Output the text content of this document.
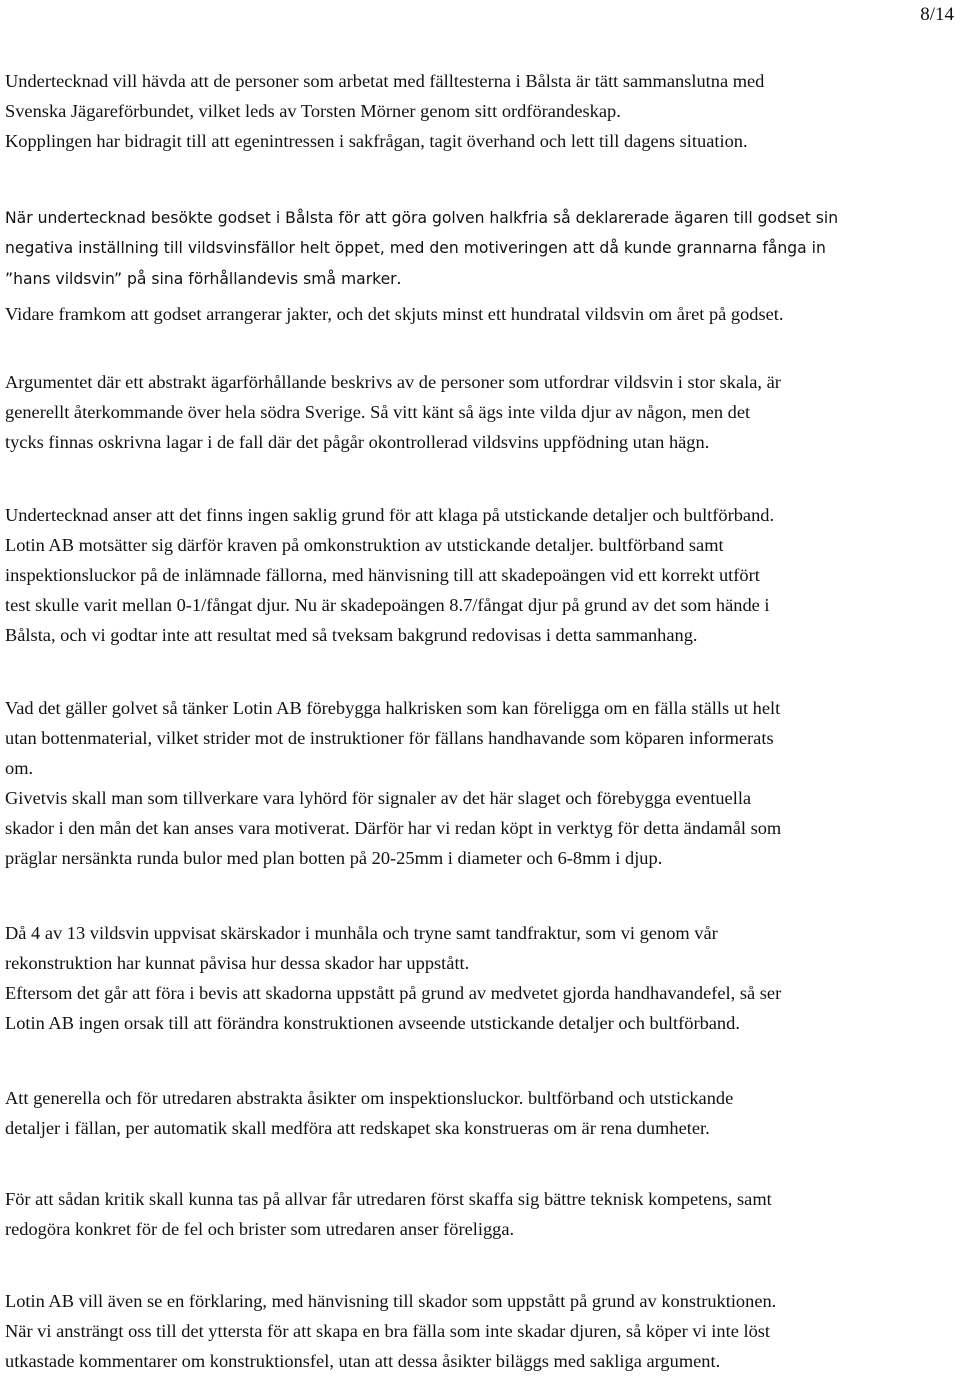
8/14
Undertecknad vill hävda att de personer som arbetat med fälltesterna i Bålsta är tätt sammanslutna med
Svenska Jägareförbundet, vilket leds av Torsten Mörner genom sitt ordförandeskap.
Kopplingen har bidragit till att egenintressen i sakfrågan, tagit överhand och lett till dagens situation.
När undertecknad besökte godset i Bålsta för att göra golven halkfria så deklarerade ägaren till godset sin
negativa inställning till vildsvinsfällor helt öppet, med den motiveringen att då kunde grannarna fånga in
”hans vildsvin” på sina förhållandevis små marker.
Vidare framkom att godset arrangerar jakter, och det skjuts minst ett hundratal vildsvin om året på godset.
Argumentet där ett abstrakt ägarförhållande beskrivs av de personer som utfordrar vildsvin i stor skala, är
generellt återkommande över hela södra Sverige. Så vitt känt så ägs inte vilda djur av någon, men det
tycks finnas oskrivna lagar i de fall där det pågår okontrollerad vildsvins uppfödning utan hägn.
Undertecknad anser att det finns ingen saklig grund för att klaga på utstickande detaljer och bultförband.
Lotin AB motsätter sig därför kraven på omkonstruktion av utstickande detaljer. bultförband samt
inspektionsluckor på de inlämnade fällorna, med hänvisning till att skadepoängen vid ett korrekt utfört
test skulle varit mellan 0-1/fångat djur. Nu är skadepoängen 8.7/fångat djur på grund av det som hände i
Bålsta, och vi godtar inte att resultat med så tveksam bakgrund redovisas i detta sammanhang.
Vad det gäller golvet så tänker Lotin AB förebygga halkrisken som kan föreligga om en fälla ställs ut helt
utan bottenmaterial, vilket strider mot de instruktioner för fällans handhavande som köparen informerats
om.
Givetvis skall man som tillverkare vara lyhörd för signaler av det här slaget och förebygga eventuella
skador i den mån det kan anses vara motiverat. Därför har vi redan köpt in verktyg för detta ändamål som
präglar nersänkta runda bulor med plan botten på 20-25mm i diameter och 6-8mm i djup.
Då 4 av 13 vildsvin uppvisat skärskador i munhåla och tryne samt tandfraktur, som vi genom vår
rekonstruktion har kunnat påvisa hur dessa skador har uppstått.
Eftersom det går att föra i bevis att skadorna uppstått på grund av medvetet gjorda handhavandefel, så ser
Lotin AB ingen orsak till att förändra konstruktionen avseende utstickande detaljer och bultförband.
Att generella och för utredaren abstrakta åsikter om inspektionsluckor. bultförband och utstickande
detaljer i fällan, per automatik skall medföra att redskapet ska konstrueras om är rena dumheter.
För att sådan kritik skall kunna tas på allvar får utredaren först skaffa sig bättre teknisk kompetens, samt
redogöra konkret för de fel och brister som utredaren anser föreligga.
Lotin AB vill även se en förklaring, med hänvisning till skador som uppstått på grund av konstruktionen.
När vi ansträngt oss till det yttersta för att skapa en bra fälla som inte skadar djuren, så köper vi inte löst
utkastade kommentarer om konstruktionsfel, utan att dessa åsikter biläggs med sakliga argument.
